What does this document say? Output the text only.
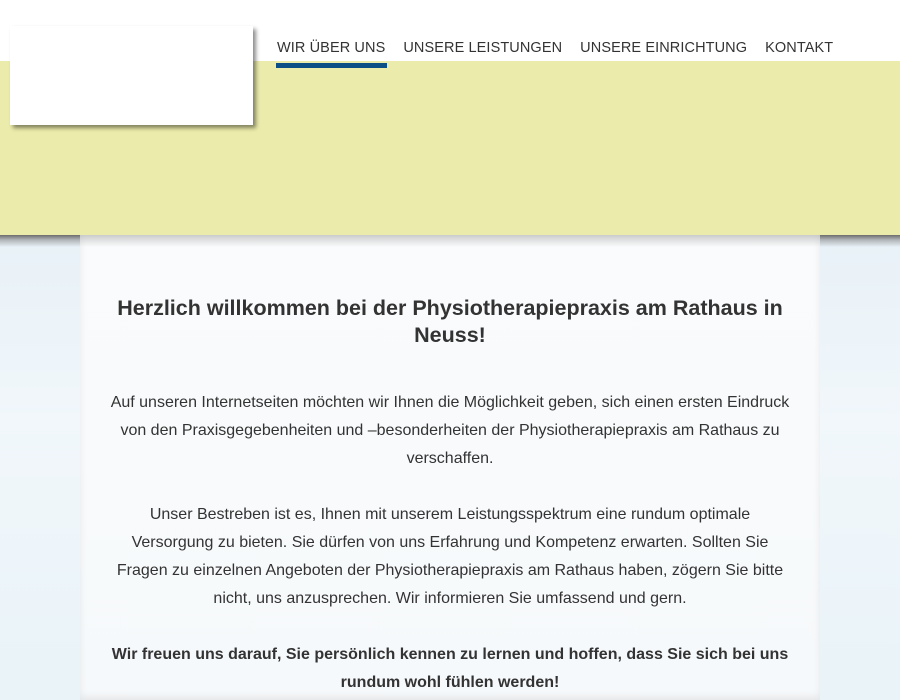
WIR ÜBER UNS UNSERE LEISTUNGEN UNSERE EINRICHTUNG KONTAKT
Herzlich willkommen bei der Physiotherapiepraxis am Rathaus in Neuss!

Auf unseren Internetseiten möchten wir Ihnen die Möglichkeit geben, sich einen ersten Eindruck von den Praxisgegebenheiten und –besonderheiten der Physiotherapiepraxis am Rathaus zu verschaffen.

Unser Bestreben ist es, Ihnen mit unserem Leistungsspektrum eine rundum optimale Versorgung zu bieten. Sie dürfen von uns Erfahrung und Kompetenz erwarten. Sollten Sie Fragen zu einzelnen Angeboten der Physiotherapiepraxis am Rathaus haben, zögern Sie bitte nicht, uns anzusprechen. Wir informieren Sie umfassend und gern.

Wir freuen uns darauf, Sie persönlich kennen zu lernen und hoffen, dass Sie sich bei uns rundum wohl fühlen werden!
